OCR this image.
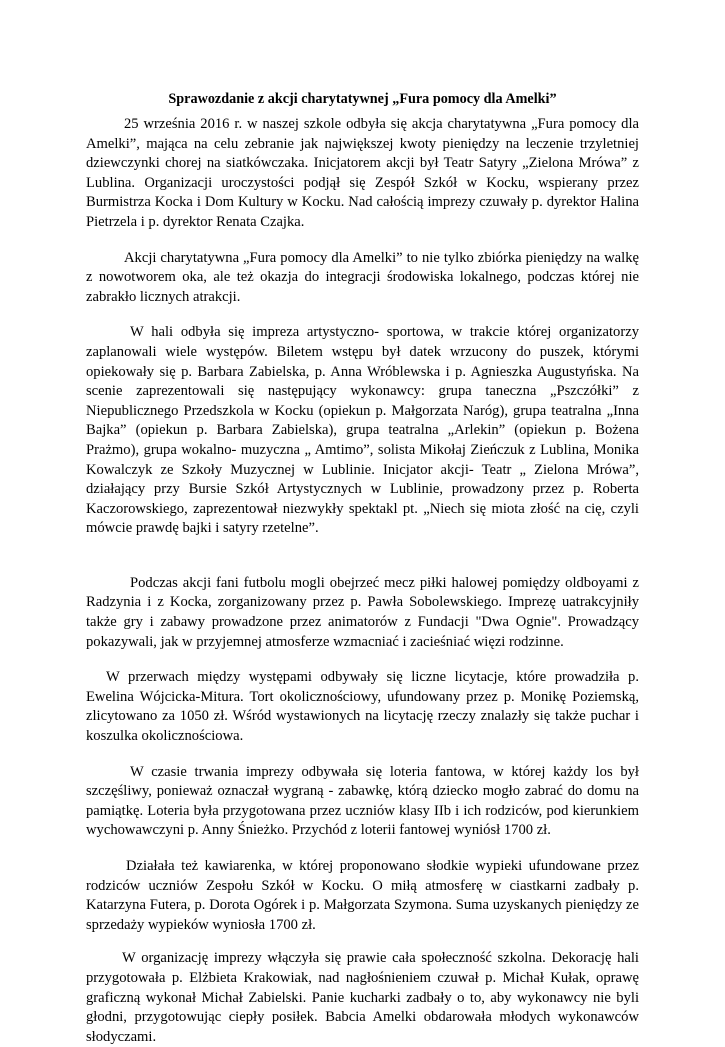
Sprawozdanie z akcji charytatywnej „Fura pomocy dla Amelki”

25 września 2016 r. w naszej szkole odbyła się akcja charytatywna „Fura pomocy dla Amelki”, mająca na celu zebranie jak największej kwoty pieniędzy na leczenie trzyletniej dziewczynki chorej na siatkówczaka. Inicjatorem akcji był Teatr Satyry „Zielona Mrówa” z Lublina. Organizacji uroczystości podjął się Zespół Szkół w Kocku, wspierany przez Burmistrza Kocka i Dom Kultury w Kocku. Nad całością imprezy czuwały p. dyrektor Halina Pietrzela i p. dyrektor Renata Czajka.

Akcji charytatywna „Fura pomocy dla Amelki” to nie tylko zbiórka pieniędzy na walkę z nowotworem oka, ale też okazja do integracji środowiska lokalnego, podczas której nie zabrakło licznych atrakcji.

W hali odbyła się impreza artystyczno- sportowa, w trakcie której organizatorzy zaplanowali wiele występów. Biletem wstępu był datek wrzucony do puszek, którymi opiekowały się p. Barbara Zabielska, p. Anna Wróblewska i p. Agnieszka Augustyńska. Na scenie zaprezentowali się następujący wykonawcy: grupa taneczna „Pszczółki” z Niepublicznego Przedszkola w Kocku (opiekun p. Małgorzata Naróg), grupa teatralna „Inna Bajka” (opiekun p. Barbara Zabielska), grupa teatralna „Arlekin” (opiekun p. Bożena Prażmo), grupa wokalno- muzyczna „ Amtimo”, solista Mikołaj Zieńczuk z Lublina, Monika Kowalczyk ze Szkoły Muzycznej w Lublinie. Inicjator akcji- Teatr „ Zielona Mrówa”, działający przy Bursie Szkół Artystycznych w Lublinie, prowadzony przez p. Roberta Kaczorowskiego, zaprezentował niezwykły spektakl pt. „Niech się miota złość na cię, czyli mówcie prawdę bajki i satyry rzetelne”.

Podczas akcji fani futbolu mogli obejrzeć mecz piłki halowej pomiędzy oldboyami z Radzynia i z Kocka, zorganizowany przez p. Pawła Sobolewskiego. Imprezę uatrakcyjniły także gry i zabawy prowadzone przez animatorów z Fundacji "Dwa Ognie". Prowadzący pokazywali, jak w przyjemnej atmosferze wzmacniać i zacieśniać więzi rodzinne.

W przerwach między występami odbywały się liczne licytacje, które prowadziła p. Ewelina Wójcicka-Mitura. Tort okolicznościowy, ufundowany przez p. Monikę Poziemską, zlicytowano za 1050 zł. Wśród wystawionych na licytację rzeczy znalazły się także puchar i koszulka okolicznościowa.

W czasie trwania imprezy odbywała się loteria fantowa, w której każdy los był szczęśliwy, ponieważ oznaczał wygraną - zabawkę, którą dziecko mogło zabrać do domu na pamiątkę. Loteria była przygotowana przez uczniów klasy IIb i ich rodziców, pod kierunkiem wychowawczyni p. Anny Śnieżko. Przychód z loterii fantowej wyniósł 1700 zł.

Działała też kawiarenka, w której proponowano słodkie wypieki ufundowane przez rodziców uczniów Zespołu Szkół w Kocku. O miłą atmosferę w ciastkarni zadbały p. Katarzyna Futera, p. Dorota Ogórek i p. Małgorzata Szymona. Suma uzyskanych pieniędzy ze sprzedaży wypieków wyniosła 1700 zł.

W organizację imprezy włączyła się prawie cała społeczność szkolna. Dekorację hali przygotowała p. Elżbieta Krakowiak, nad nagłośnieniem czuwał p. Michał Kułak, oprawę graficzną wykonał Michał Zabielski. Panie kucharki zadbały o to, aby wykonawcy nie byli głodni, przygotowując ciepły posiłek. Babcia Amelki obdarowała młodych wykonawców słodyczami.
